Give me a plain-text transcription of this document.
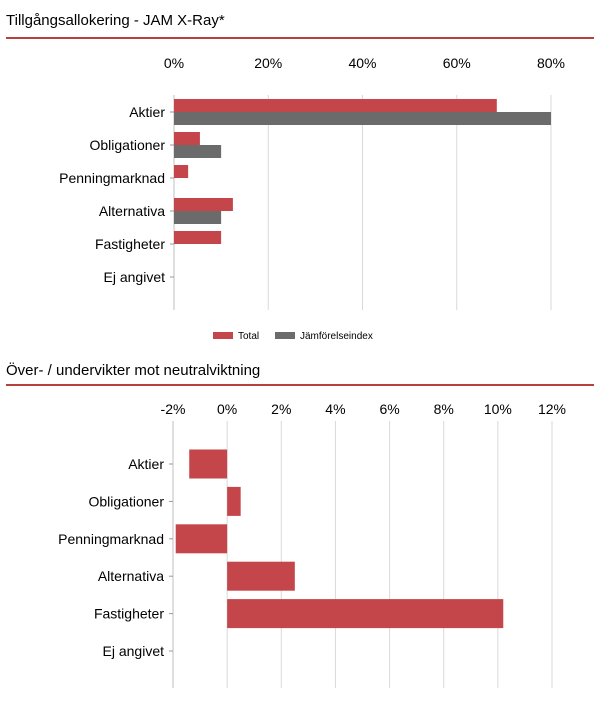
Tillgångsallokering - JAM X-Ray*
0%	20%	40%	60%	80%
Aktier
Obligationer
Penningmarknad
Alternativa
Fastigheter
Ej angivet
Total	Jämförelseindex
Över- / undervikter mot neutralviktning
-2% 0% 2% 4% 6% 8% 10% 12%
Aktier
Obligationer
Penningmarknad
Alternativa
Fastigheter
Ej angivet
